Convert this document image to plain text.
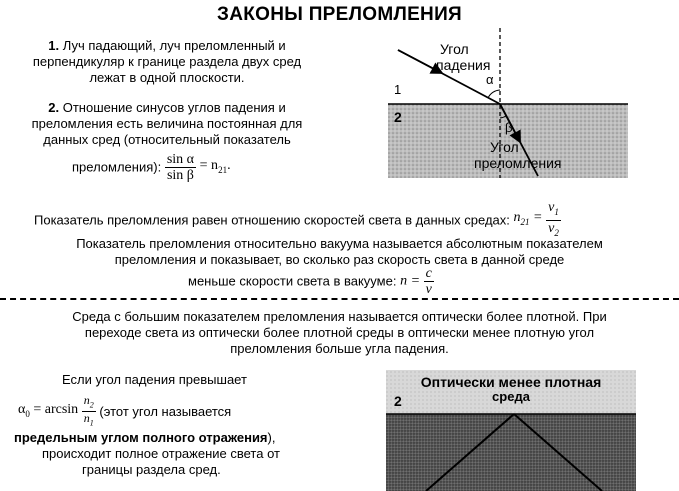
ЗАКОНЫ ПРЕЛОМЛЕНИЯ
1. Луч падающий, луч преломленный и
перпендикуляр к границе раздела двух сред
лежат в одной плоскости.
2. Отношение синусов углов падения и
преломления есть величина постоянная для
данных сред (относительный показатель
преломления): $\frac{\text{sin α}}{\text{sin β}} = n_{21}$.
1
2
Угол
падения
α
β
Угол
преломления
Показатель преломления равен отношению скоростей света в данных средах: $n_{21} = \frac{v_1}{v_2}$
Показатель преломления относительно вакуума называется абсолютным показателем
преломления и показывает, во сколько раз скорость света в данной среде
меньше скорости света в вакууме: $n = \frac{c}{v}$
Среда с большим показателем преломления называется оптически более плотной. При
переходе света из оптически более плотной среды в оптически менее плотную угол
преломления больше угла падения.
Если угол падения превышает
$\alpha_0 = \arcsin \frac{n_2}{n_1}$ (этот угол называется
предельным углом полного отражения),
происходит полное отражение света от
границы раздела сред.
Оптически менее плотная
среда
2
